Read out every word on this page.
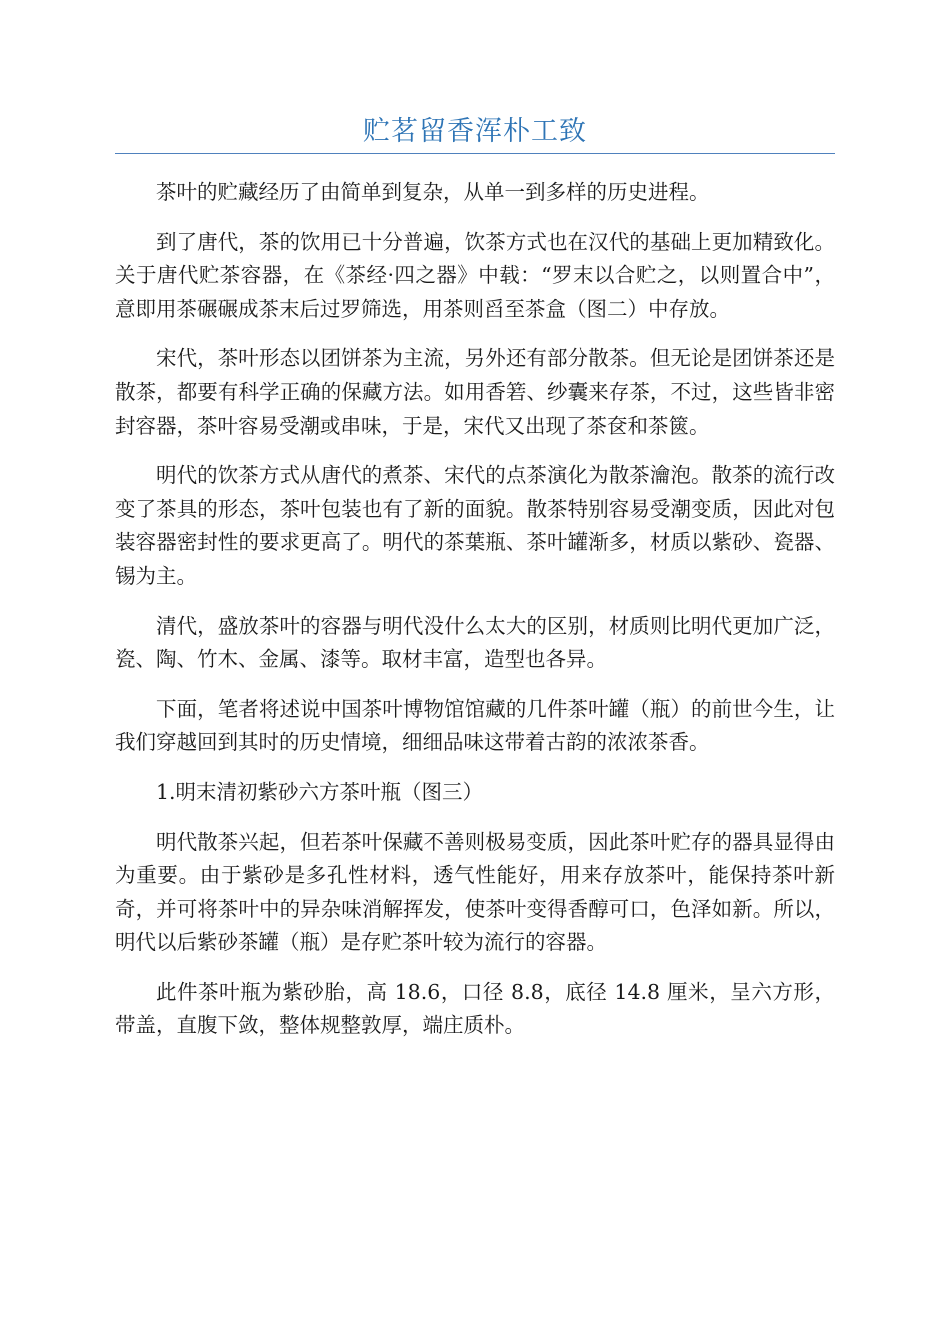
贮茗留香浑朴工致

茶叶的贮藏经历了由简单到复杂，从单一到多样的历史进程。

到了唐代，茶的饮用已十分普遍，饮茶方式也在汉代的基础上更加精致化。关于唐代贮茶容器，在《茶经·四之器》中载：“罗末以合贮之，以则置合中”，意即用茶碾碾成茶末后过罗筛选，用茶则舀至茶盒（图二）中存放。

宋代，茶叶形态以团饼茶为主流，另外还有部分散茶。但无论是团饼茶还是散茶，都要有科学正确的保藏方法。如用香箬、纱囊来存茶，不过，这些皆非密封容器，茶叶容易受潮或串味，于是，宋代又出现了茶奁和茶篋。

明代的饮茶方式从唐代的煮茶、宋代的点茶演化为散茶瀹泡。散茶的流行改变了茶具的形态，茶叶包装也有了新的面貌。散茶特别容易受潮变质，因此对包装容器密封性的要求更高了。明代的茶葉瓶、茶叶罐渐多，材质以紫砂、瓷器、锡为主。

清代，盛放茶叶的容器与明代没什么太大的区别，材质则比明代更加广泛，瓷、陶、竹木、金属、漆等。取材丰富，造型也各异。

下面，笔者将述说中国茶叶博物馆馆藏的几件茶叶罐（瓶）的前世今生，让我们穿越回到其时的历史情境，细细品味这带着古韵的浓浓茶香。

1.明末清初紫砂六方茶叶瓶（图三）

明代散茶兴起，但若茶叶保藏不善则极易变质，因此茶叶贮存的器具显得由为重要。由于紫砂是多孔性材料，透气性能好，用来存放茶叶，能保持茶叶新奇，并可将茶叶中的异杂味消解挥发，使茶叶变得香醇可口，色泽如新。所以，明代以后紫砂茶罐（瓶）是存贮茶叶较为流行的容器。

此件茶叶瓶为紫砂胎，高 18.6，口径 8.8，底径 14.8 厘米，呈六方形，带盖，直腹下敛，整体规整敦厚，端庄质朴。
